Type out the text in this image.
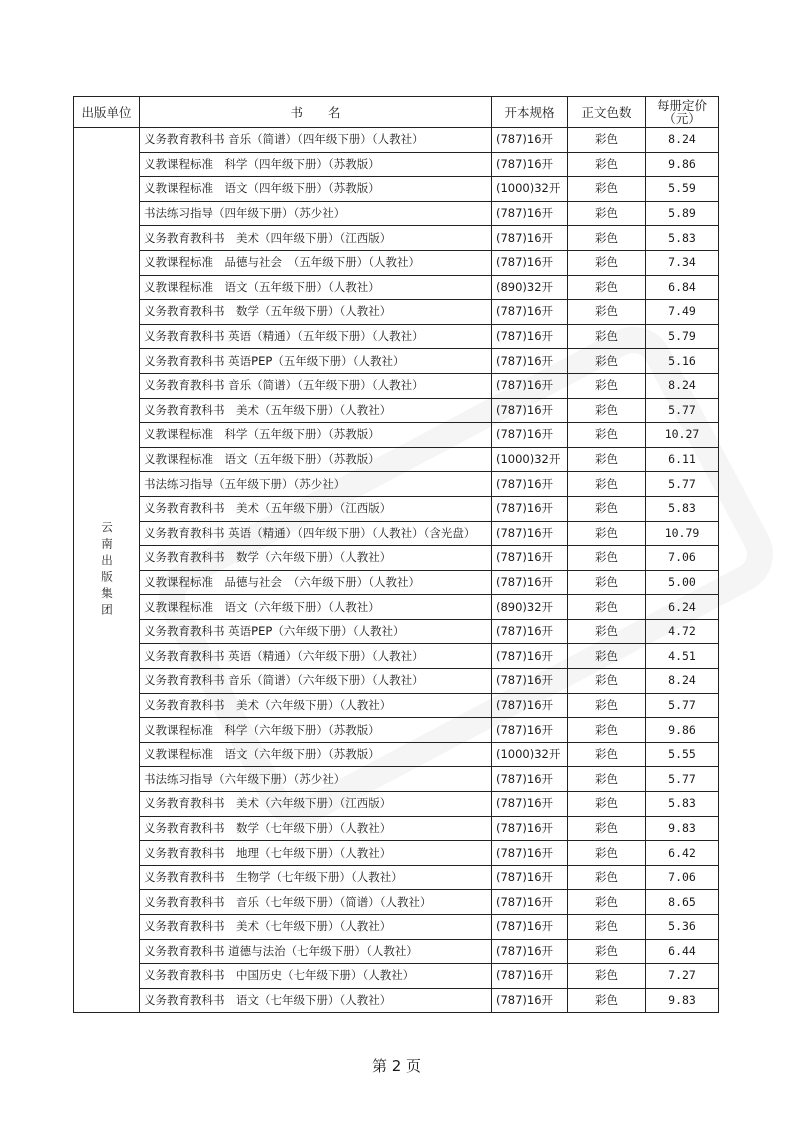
出版单位	书　　名	开本规格	正文色数	每册定价（元）
云南出版集团	义务教育教科书 音乐（简谱）（四年级下册）（人教社）	(787)16开	彩色	8.24
	义教课程标准　科学（四年级下册）（苏教版）	(787)16开	彩色	9.86
	义教课程标准　语文（四年级下册）（苏教版）	(1000)32开	彩色	5.59
	书法练习指导（四年级下册）（苏少社）	(787)16开	彩色	5.89
	义务教育教科书　美术（四年级下册）（江西版）	(787)16开	彩色	5.83
	义教课程标准　品德与社会　（五年级下册）（人教社）	(787)16开	彩色	7.34
	义教课程标准　语文（五年级下册）（人教社）	(890)32开	彩色	6.84
	义务教育教科书　数学（五年级下册）（人教社）	(787)16开	彩色	7.49
	义务教育教科书 英语（精通）（五年级下册）（人教社）	(787)16开	彩色	5.79
	义务教育教科书 英语PEP（五年级下册）（人教社）	(787)16开	彩色	5.16
	义务教育教科书 音乐（简谱）（五年级下册）（人教社）	(787)16开	彩色	8.24
	义务教育教科书　美术（五年级下册）（人教社）	(787)16开	彩色	5.77
	义教课程标准　科学（五年级下册）（苏教版）	(787)16开	彩色	10.27
	义教课程标准　语文（五年级下册）（苏教版）	(1000)32开	彩色	6.11
	书法练习指导（五年级下册）（苏少社）	(787)16开	彩色	5.77
	义务教育教科书　美术（五年级下册）（江西版）	(787)16开	彩色	5.83
	义务教育教科书 英语（精通）（四年级下册）（人教社）（含光盘）	(787)16开	彩色	10.79
	义务教育教科书　数学（六年级下册）（人教社）	(787)16开	彩色	7.06
	义教课程标准　品德与社会　（六年级下册）（人教社）	(787)16开	彩色	5.00
	义教课程标准　语文（六年级下册）（人教社）	(890)32开	彩色	6.24
	义务教育教科书 英语PEP（六年级下册）（人教社）	(787)16开	彩色	4.72
	义务教育教科书 英语（精通）（六年级下册）（人教社）	(787)16开	彩色	4.51
	义务教育教科书 音乐（简谱）（六年级下册）（人教社）	(787)16开	彩色	8.24
	义务教育教科书　美术（六年级下册）（人教社）	(787)16开	彩色	5.77
	义教课程标准　科学（六年级下册）（苏教版）	(787)16开	彩色	9.86
	义教课程标准　语文（六年级下册）（苏教版）	(1000)32开	彩色	5.55
	书法练习指导（六年级下册）（苏少社）	(787)16开	彩色	5.77
	义务教育教科书　美术（六年级下册）（江西版）	(787)16开	彩色	5.83
	义务教育教科书　数学（七年级下册）（人教社）	(787)16开	彩色	9.83
	义务教育教科书　地理（七年级下册）（人教社）	(787)16开	彩色	6.42
	义务教育教科书　生物学（七年级下册）（人教社）	(787)16开	彩色	7.06
	义务教育教科书　音乐（七年级下册）（简谱）（人教社）	(787)16开	彩色	8.65
	义务教育教科书　美术（七年级下册）（人教社）	(787)16开	彩色	5.36
	义务教育教科书 道德与法治（七年级下册）（人教社）	(787)16开	彩色	6.44
	义务教育教科书　中国历史（七年级下册）（人教社）	(787)16开	彩色	7.27
	义务教育教科书　语文（七年级下册）（人教社）	(787)16开	彩色	9.83
第 2 页
